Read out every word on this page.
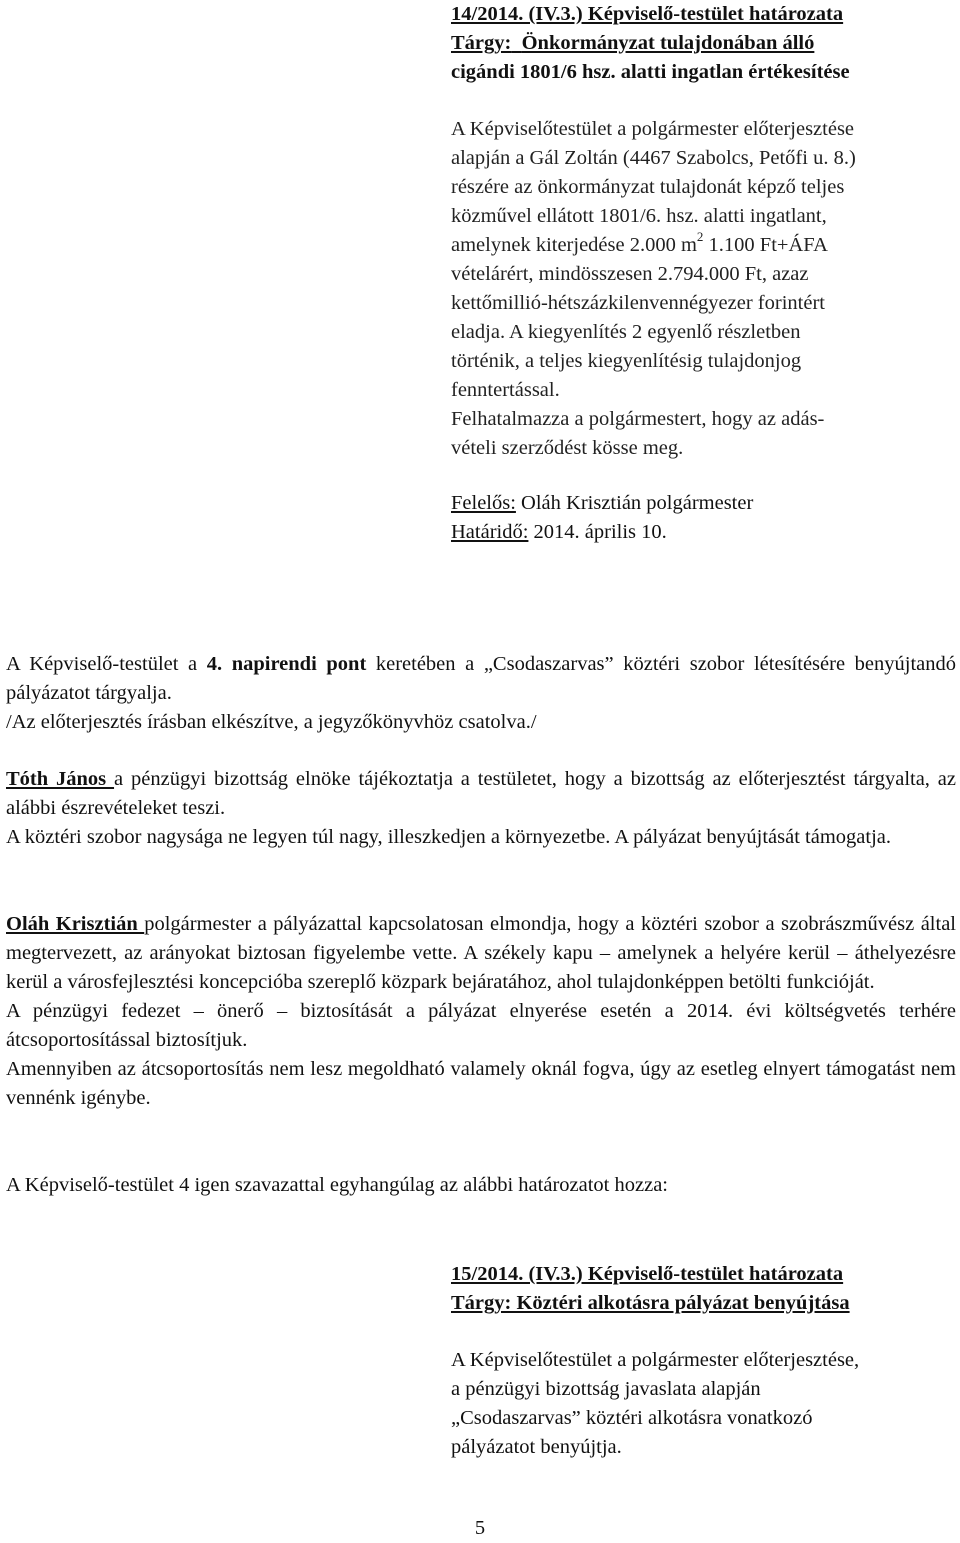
14/2014. (IV.3.) Képviselő-testület határozata

Tárgy: Önkormányzat tulajdonában álló

cigándi 1801/6 hsz. alatti ingatlan értékesítése

A Képviselőtestület a polgármester előterjesztése

alapján a Gál Zoltán (4467 Szabolcs, Petőfi u. 8.)

részére az önkormányzat tulajdonát képző teljes

közművel ellátott 1801/6. hsz. alatti ingatlant,

amelynek kiterjedése 2.000 $m^2$ 1.100 Ft+ÁFA

vételárért, mindösszesen 2.794.000 Ft, azaz

kettőmillió-hétszázkilenvennégyezer forintért

eladja. A kiegyenlítés 2 egyenlő részletben

történik, a teljes kiegyenlítésig tulajdonjog

fenntertással.

Felhatalmazza a polgármestert, hogy az adás-

vételi szerződést kösse meg.

Felelős: Oláh Krisztián polgármester

Határidő: 2014. április 10.

A Képviselő-testület a 4. napirendi pont keretében a „Csodaszarvas” köztéri szobor létesítésére benyújtandó pályázatot tárgyalja.

/Az előterjesztés írásban elkészítve, a jegyzőkönyvhöz csatolva./

Tóth János a pénzügyi bizottság elnöke tájékoztatja a testületet, hogy a bizottság az előterjesztést tárgyalta, az alábbi észrevételeket teszi.

A köztéri szobor nagysága ne legyen túl nagy, illeszkedjen a környezetbe. A pályázat benyújtását támogatja.

Oláh Krisztián polgármester a pályázattal kapcsolatosan elmondja, hogy a köztéri szobor a szobrászművész által megtervezett, az arányokat biztosan figyelembe vette. A székely kapu – amelynek a helyére kerül – áthelyezésre kerül a városfejlesztési koncepcióba szereplő közpark bejáratához, ahol tulajdonképpen betölti funkcióját.

A pénzügyi fedezet – önerő – biztosítását a pályázat elnyerése esetén a 2014. évi költségvetés terhére átcsoportosítással biztosítjuk.

Amennyiben az átcsoportosítás nem lesz megoldható valamely oknál fogva, úgy az esetleg elnyert támogatást nem vennénk igénybe.

A Képviselő-testület 4 igen szavazattal egyhangúlag az alábbi határozatot hozza:

15/2014. (IV.3.) Képviselő-testület határozata

Tárgy: Köztéri alkotásra pályázat benyújtása

A Képviselőtestület a polgármester előterjesztése,

a pénzügyi bizottság javaslata alapján

„Csodaszarvas” köztéri alkotásra vonatkozó

pályázatot benyújtja.

5
